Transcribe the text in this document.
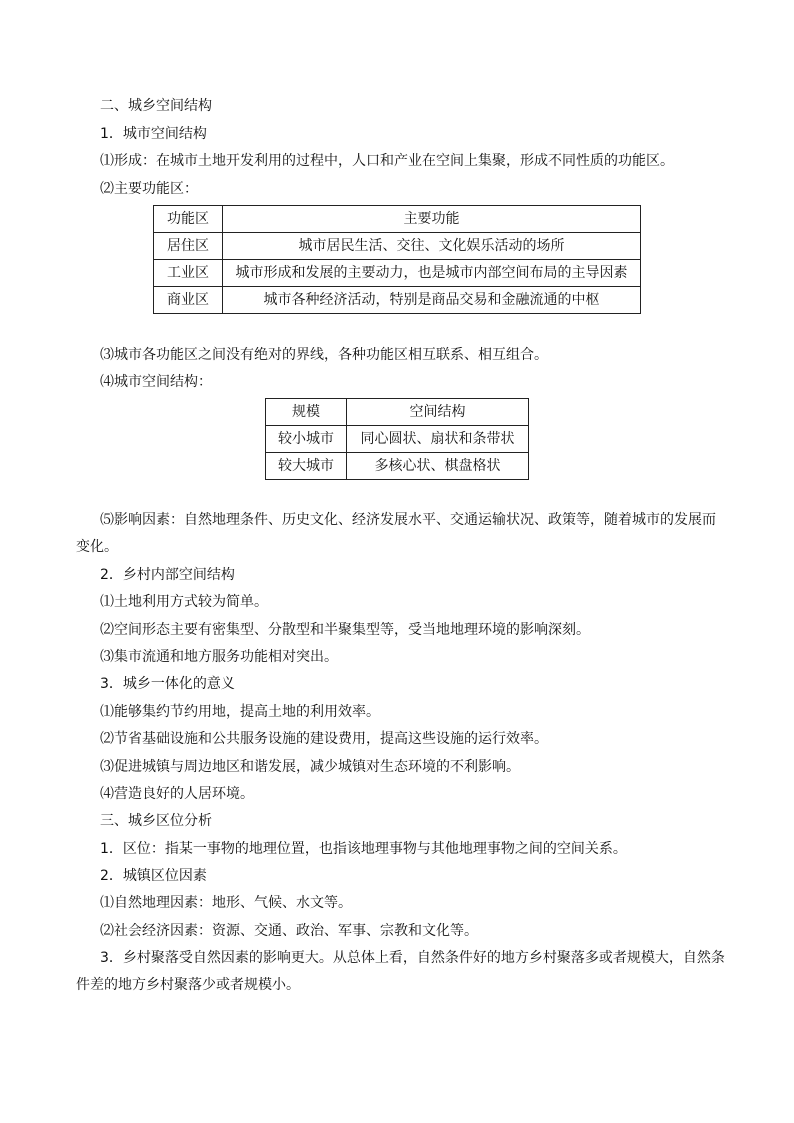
二、城乡空间结构
1．城市空间结构
⑴形成：在城市土地开发利用的过程中，人口和产业在空间上集聚，形成不同性质的功能区。
⑵主要功能区：
功能区	主要功能
居住区	城市居民生活、交往、文化娱乐活动的场所
工业区	城市形成和发展的主要动力，也是城市内部空间布局的主导因素
商业区	城市各种经济活动，特别是商品交易和金融流通的中枢
⑶城市各功能区之间没有绝对的界线，各种功能区相互联系、相互组合。
⑷城市空间结构：
规模	空间结构
较小城市	同心圆状、扇状和条带状
较大城市	多核心状、棋盘格状
⑸影响因素：自然地理条件、历史文化、经济发展水平、交通运输状况、政策等，随着城市的发展而
变化。
2．乡村内部空间结构
⑴土地利用方式较为简单。
⑵空间形态主要有密集型、分散型和半聚集型等，受当地地理环境的影响深刻。
⑶集市流通和地方服务功能相对突出。
3．城乡一体化的意义
⑴能够集约节约用地，提高土地的利用效率。
⑵节省基础设施和公共服务设施的建设费用，提高这些设施的运行效率。
⑶促进城镇与周边地区和谐发展，减少城镇对生态环境的不利影响。
⑷营造良好的人居环境。
三、城乡区位分析
1．区位：指某一事物的地理位置，也指该地理事物与其他地理事物之间的空间关系。
2．城镇区位因素
⑴自然地理因素：地形、气候、水文等。
⑵社会经济因素：资源、交通、政治、军事、宗教和文化等。
3．乡村聚落受自然因素的影响更大。从总体上看，自然条件好的地方乡村聚落多或者规模大，自然条
件差的地方乡村聚落少或者规模小。
